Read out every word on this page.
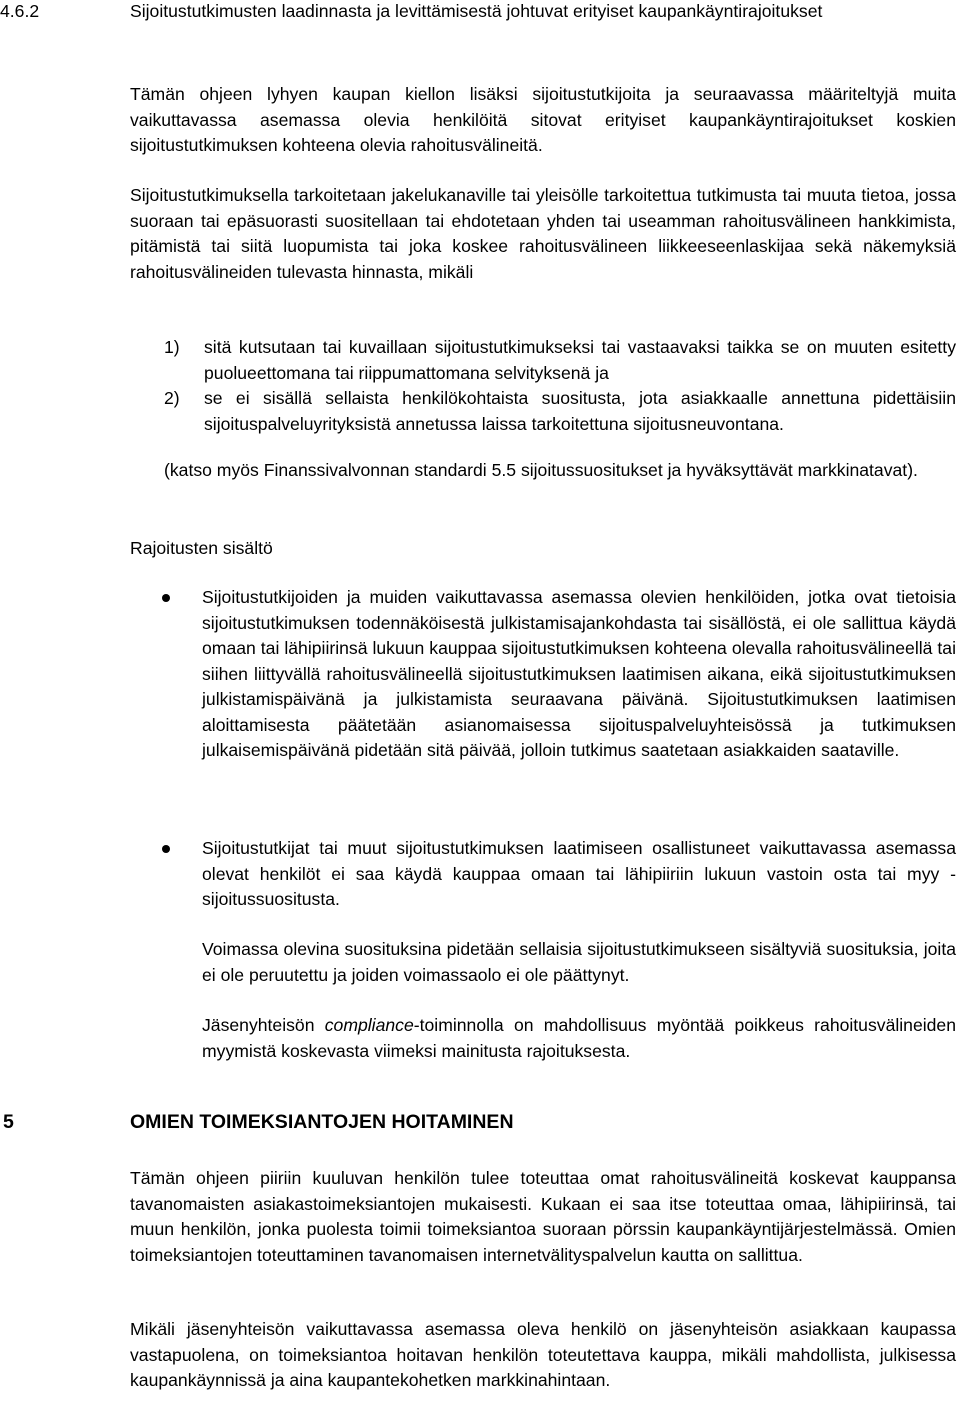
4.6.2	Sijoitustutkimusten laadinnasta ja levittämisestä johtuvat erityiset kaupankäyntirajoitukset

Tämän ohjeen lyhyen kaupan kiellon lisäksi sijoitustutkijoita ja seuraavassa määriteltyjä muita vaikuttavassa asemassa olevia henkilöitä sitovat erityiset kaupankäyntirajoitukset koskien sijoitustutkimuksen kohteena olevia rahoitusvälineitä.

Sijoitustutkimuksella tarkoitetaan jakelukanaville tai yleisölle tarkoitettua tutkimusta tai muuta tietoa, jossa suoraan tai epäsuorasti suositellaan tai ehdotetaan yhden tai useamman rahoitusvälineen hankkimista, pitämistä tai siitä luopumista tai joka koskee rahoitusvälineen liikkeeseenlaskijaa sekä näkemyksiä rahoitusvälineiden tulevasta hinnasta, mikäli

1) sitä kutsutaan tai kuvaillaan sijoitustutkimukseksi tai vastaavaksi taikka se on muuten esitetty puolueettomana tai riippumattomana selvityksenä ja
2) se ei sisällä sellaista henkilökohtaista suositusta, jota asiakkaalle annettuna pidettäisiin sijoituspalveluyrityksistä annetussa laissa tarkoitettuna sijoitusneuvontana.

(katso myös Finanssivalvonnan standardi 5.5 sijoitussuositukset ja hyväksyttävät markkinatavat).

Rajoitusten sisältö

Sijoitustutkijoiden ja muiden vaikuttavassa asemassa olevien henkilöiden, jotka ovat tietoisia sijoitustutkimuksen todennäköisestä julkistamisajankohdasta tai sisällöstä, ei ole sallittua käydä omaan tai lähipiirinsä lukuun kauppaa sijoitustutkimuksen kohteena olevalla rahoitusvälineellä tai siihen liittyvällä rahoitusvälineellä sijoitustutkimuksen laatimisen aikana, eikä sijoitustutkimuksen julkistamispäivänä ja julkistamista seuraavana päivänä. Sijoitustutkimuksen laatimisen aloittamisesta päätetään asianomaisessa sijoituspalveluyhteisössä ja tutkimuksen julkaisemispäivänä pidetään sitä päivää, jolloin tutkimus saatetaan asiakkaiden saataville.

Sijoitustutkijat tai muut sijoitustutkimuksen laatimiseen osallistuneet vaikuttavassa asemassa olevat henkilöt ei saa käydä kauppaa omaan tai lähipiiriin lukuun vastoin osta tai myy -sijoitussuositusta.

Voimassa olevina suosituksina pidetään sellaisia sijoitustutkimukseen sisältyviä suosituksia, joita ei ole peruutettu ja joiden voimassaolo ei ole päättynyt.

Jäsenyhteisön compliance-toiminnolla on mahdollisuus myöntää poikkeus rahoitusvälineiden myymistä koskevasta viimeksi mainitusta rajoituksesta.

5	OMIEN TOIMEKSIANTOJEN HOITAMINEN

Tämän ohjeen piiriin kuuluvan henkilön tulee toteuttaa omat rahoitusvälineitä koskevat kauppansa tavanomaisten asiakastoimeksiantojen mukaisesti. Kukaan ei saa itse toteuttaa omaa, lähipiirinsä, tai muun henkilön, jonka puolesta toimii toimeksiantoa suoraan pörssin kaupankäyntijärjestelmässä. Omien toimeksiantojen toteuttaminen tavanomaisen internetvälityspalvelun kautta on sallittua.

Mikäli jäsenyhteisön vaikuttavassa asemassa oleva henkilö on jäsenyhteisön asiakkaan kaupassa vastapuolena, on toimeksiantoa hoitavan henkilön toteutettava kauppa, mikäli mahdollista, julkisessa kaupankäynnissä ja aina kaupantekohetken markkinahintaan.
